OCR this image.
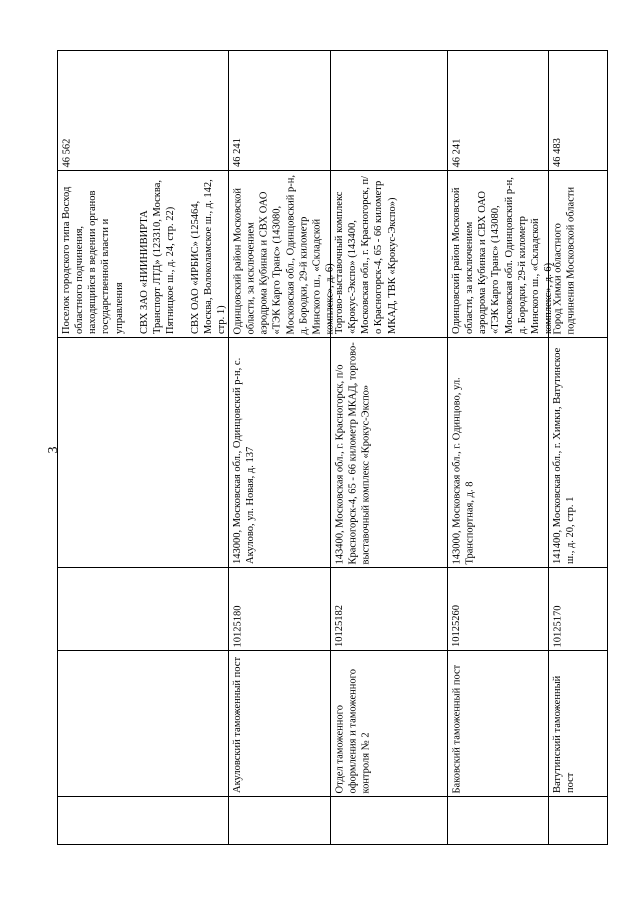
3
46 562
Поселок городского типа Восход областного подчинения, находящийся в ведении органов государственной власти и управления СВХ ЗАО «НИИНИВИРТА Транспорт ЛТД» (123310, Москва, Пятницкое ш., д. 24, стр. 22) СВХ ОАО «ИРБИС» (125464, Москва, Волоколамское ш., д. 142, стр. 1)
46 241
Одинцовский район Московской области, за исключением аэродрома Кубинка и СВХ ОАО «ТЭК Карго Транс» (143080, Московская обл., Одинцовский р-н, д. Бородки, 29-й километр Минского ш., «Складской комплекс», д. 6)
143000, Московская обл., Одинцовский р-н, с. Акулово, ул. Новая, д. 137
10125180
Акуловский таможенный пост
Торгово-выставочный комплекс «Крокус-Экспо» (143400, Московская обл., г. Красногорск, п/о Красногорск-4, 65 - 66 километр МКАД, ТВК «Крокус-Экспо»)
143400, Московская обл., г. Красногорск, п/о Красногорск-4, 65 - 66 километр МКАД, торгово-выставочный комплекс «Крокус-Экспо»
10125182
Отдел таможенного оформления и таможенного контроля № 2
46 241
Одинцовский район Московской области, за исключением аэродрома Кубинка и СВХ ОАО «ТЭК Карго Транс» (143080, Московская обл. Одинцовский р-н, д. Бородки, 29-й километр Минского ш., «Складской комплекс», д. 6)
143000, Московская обл., г. Одинцово, ул. Транспортная, д. 8
10125260
Баковский таможенный пост
46 483
Город Химки областного подчинения Московской области
141400, Московская обл., г. Химки, Ватутинское ш., д. 20, стр. 1
10125170
Ватутинский таможенный пост
